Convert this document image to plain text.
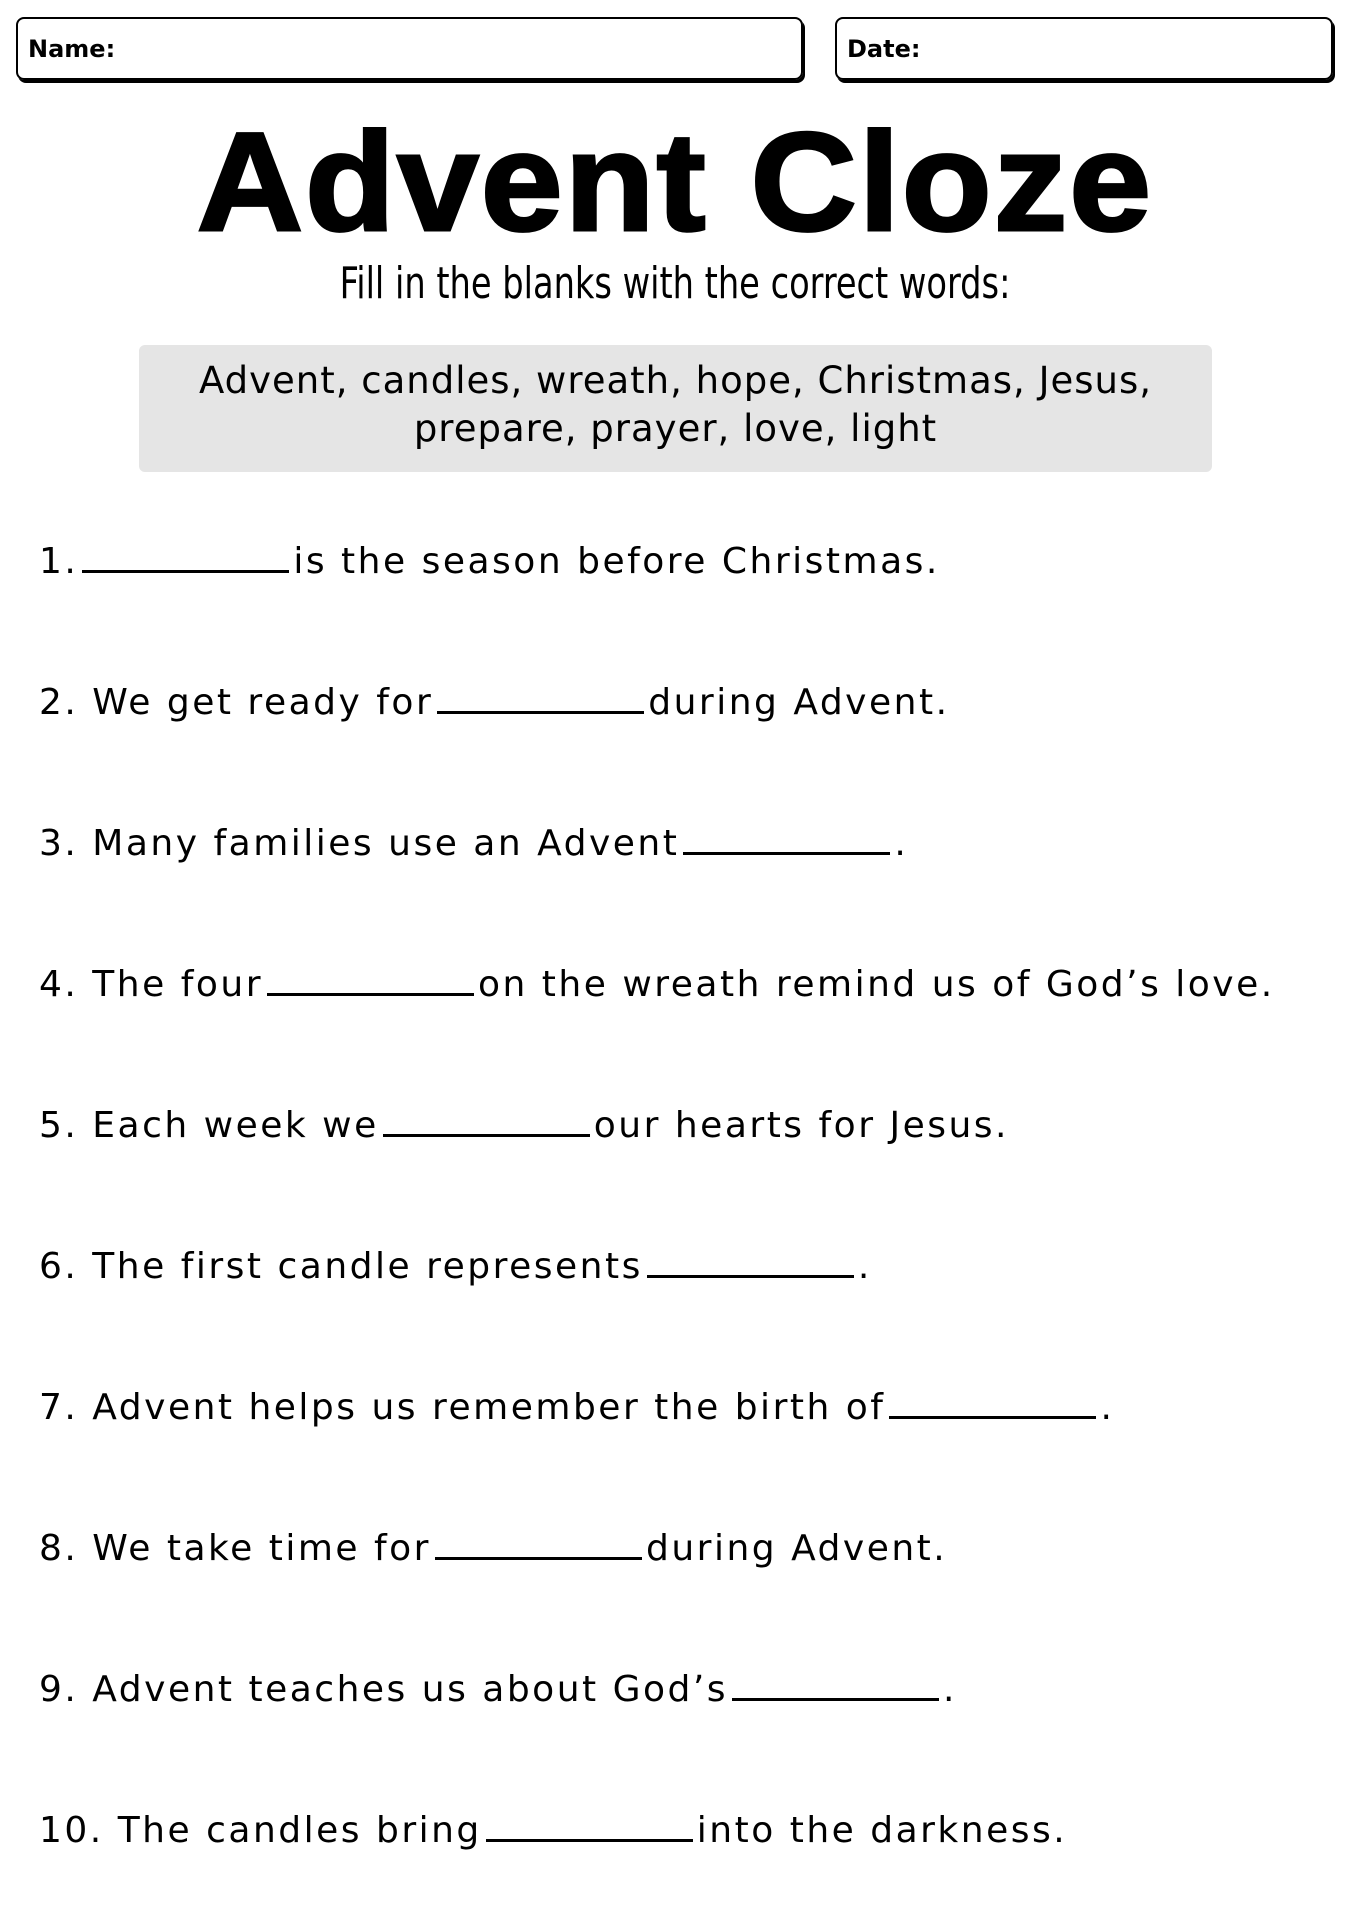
Name:	Date:
Advent Cloze
Fill in the blanks with the correct words:
Advent, candles, wreath, hope, Christmas, Jesus,
prepare, prayer, love, light
1.	is the season before Christmas.
2. We get ready for	during Advent.
3. Many families use an Advent	.
4. The four	on the wreath remind us of God’s love.
5. Each week we	our hearts for Jesus.
6. The first candle represents	.
7. Advent helps us remember the birth of	.
8. We take time for	during Advent.
9. Advent teaches us about God’s	.
10. The candles bring	into the darkness.
